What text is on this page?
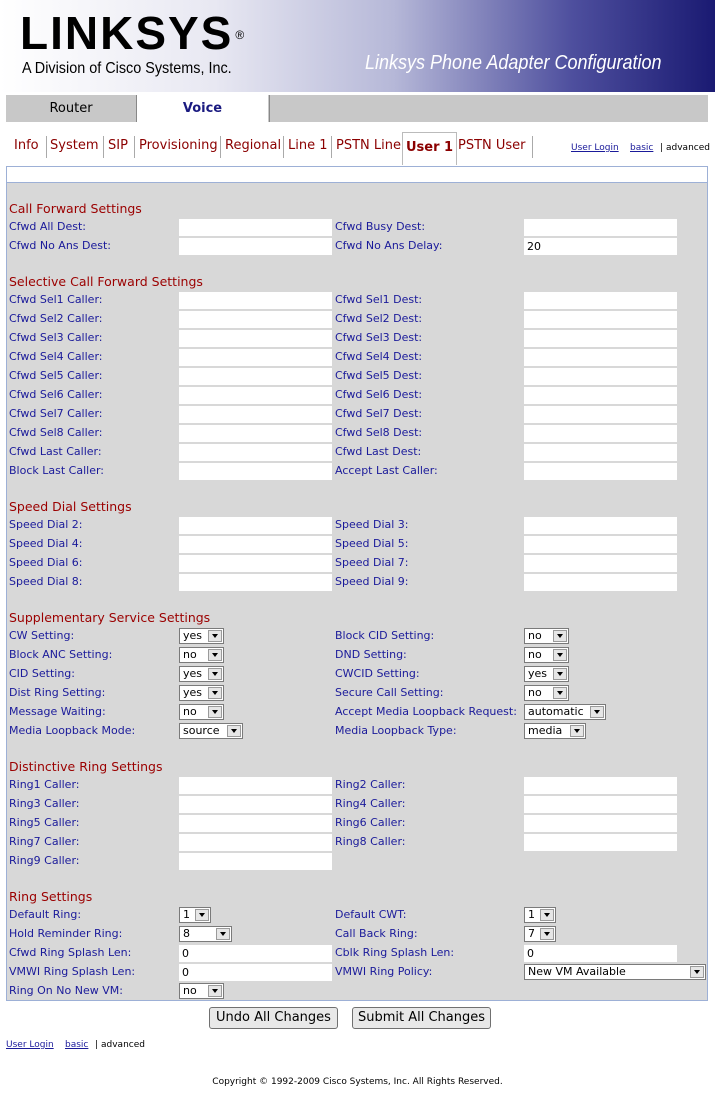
LINKSYS ®
A Division of Cisco Systems, Inc.	Linksys Phone Adapter Configuration
Router	Voice
Info System SIP Provisioning Regional Line 1 PSTN Line User 1 PSTN User	User Login basic | advanced
Call Forward Settings
Cfwd All Dest:	Cfwd Busy Dest:
Cfwd No Ans Dest:	Cfwd No Ans Delay:	20
Selective Call Forward Settings
Cfwd Sel1 Caller:	Cfwd Sel1 Dest:
Cfwd Sel2 Caller:	Cfwd Sel2 Dest:
Cfwd Sel3 Caller:	Cfwd Sel3 Dest:
Cfwd Sel4 Caller:	Cfwd Sel4 Dest:
Cfwd Sel5 Caller:	Cfwd Sel5 Dest:
Cfwd Sel6 Caller:	Cfwd Sel6 Dest:
Cfwd Sel7 Caller:	Cfwd Sel7 Dest:
Cfwd Sel8 Caller:	Cfwd Sel8 Dest:
Cfwd Last Caller:	Cfwd Last Dest:
Block Last Caller:	Accept Last Caller:
Speed Dial Settings
Speed Dial 2:	Speed Dial 3:
Speed Dial 4:	Speed Dial 5:
Speed Dial 6:	Speed Dial 7:
Speed Dial 8:	Speed Dial 9:
Supplementary Service Settings
CW Setting:	yes	Block CID Setting:	no
Block ANC Setting:	no	DND Setting:	no
CID Setting:	yes	CWCID Setting:	yes
Dist Ring Setting:	yes	Secure Call Setting:	no
Message Waiting:	no	Accept Media Loopback Request:	automatic
Media Loopback Mode:	source	Media Loopback Type:	media
Distinctive Ring Settings
Ring1 Caller:	Ring2 Caller:
Ring3 Caller:	Ring4 Caller:
Ring5 Caller:	Ring6 Caller:
Ring7 Caller:	Ring8 Caller:
Ring9 Caller:
Ring Settings
Default Ring:	1	Default CWT:	1
Hold Reminder Ring:	8	Call Back Ring:	7
Cfwd Ring Splash Len:	0	Cblk Ring Splash Len:	0
VMWI Ring Splash Len:	0	VMWI Ring Policy:	New VM Available
Ring On No New VM:	no
Undo All Changes	Submit All Changes
User Login basic | advanced
Copyright © 1992-2009 Cisco Systems, Inc. All Rights Reserved.
